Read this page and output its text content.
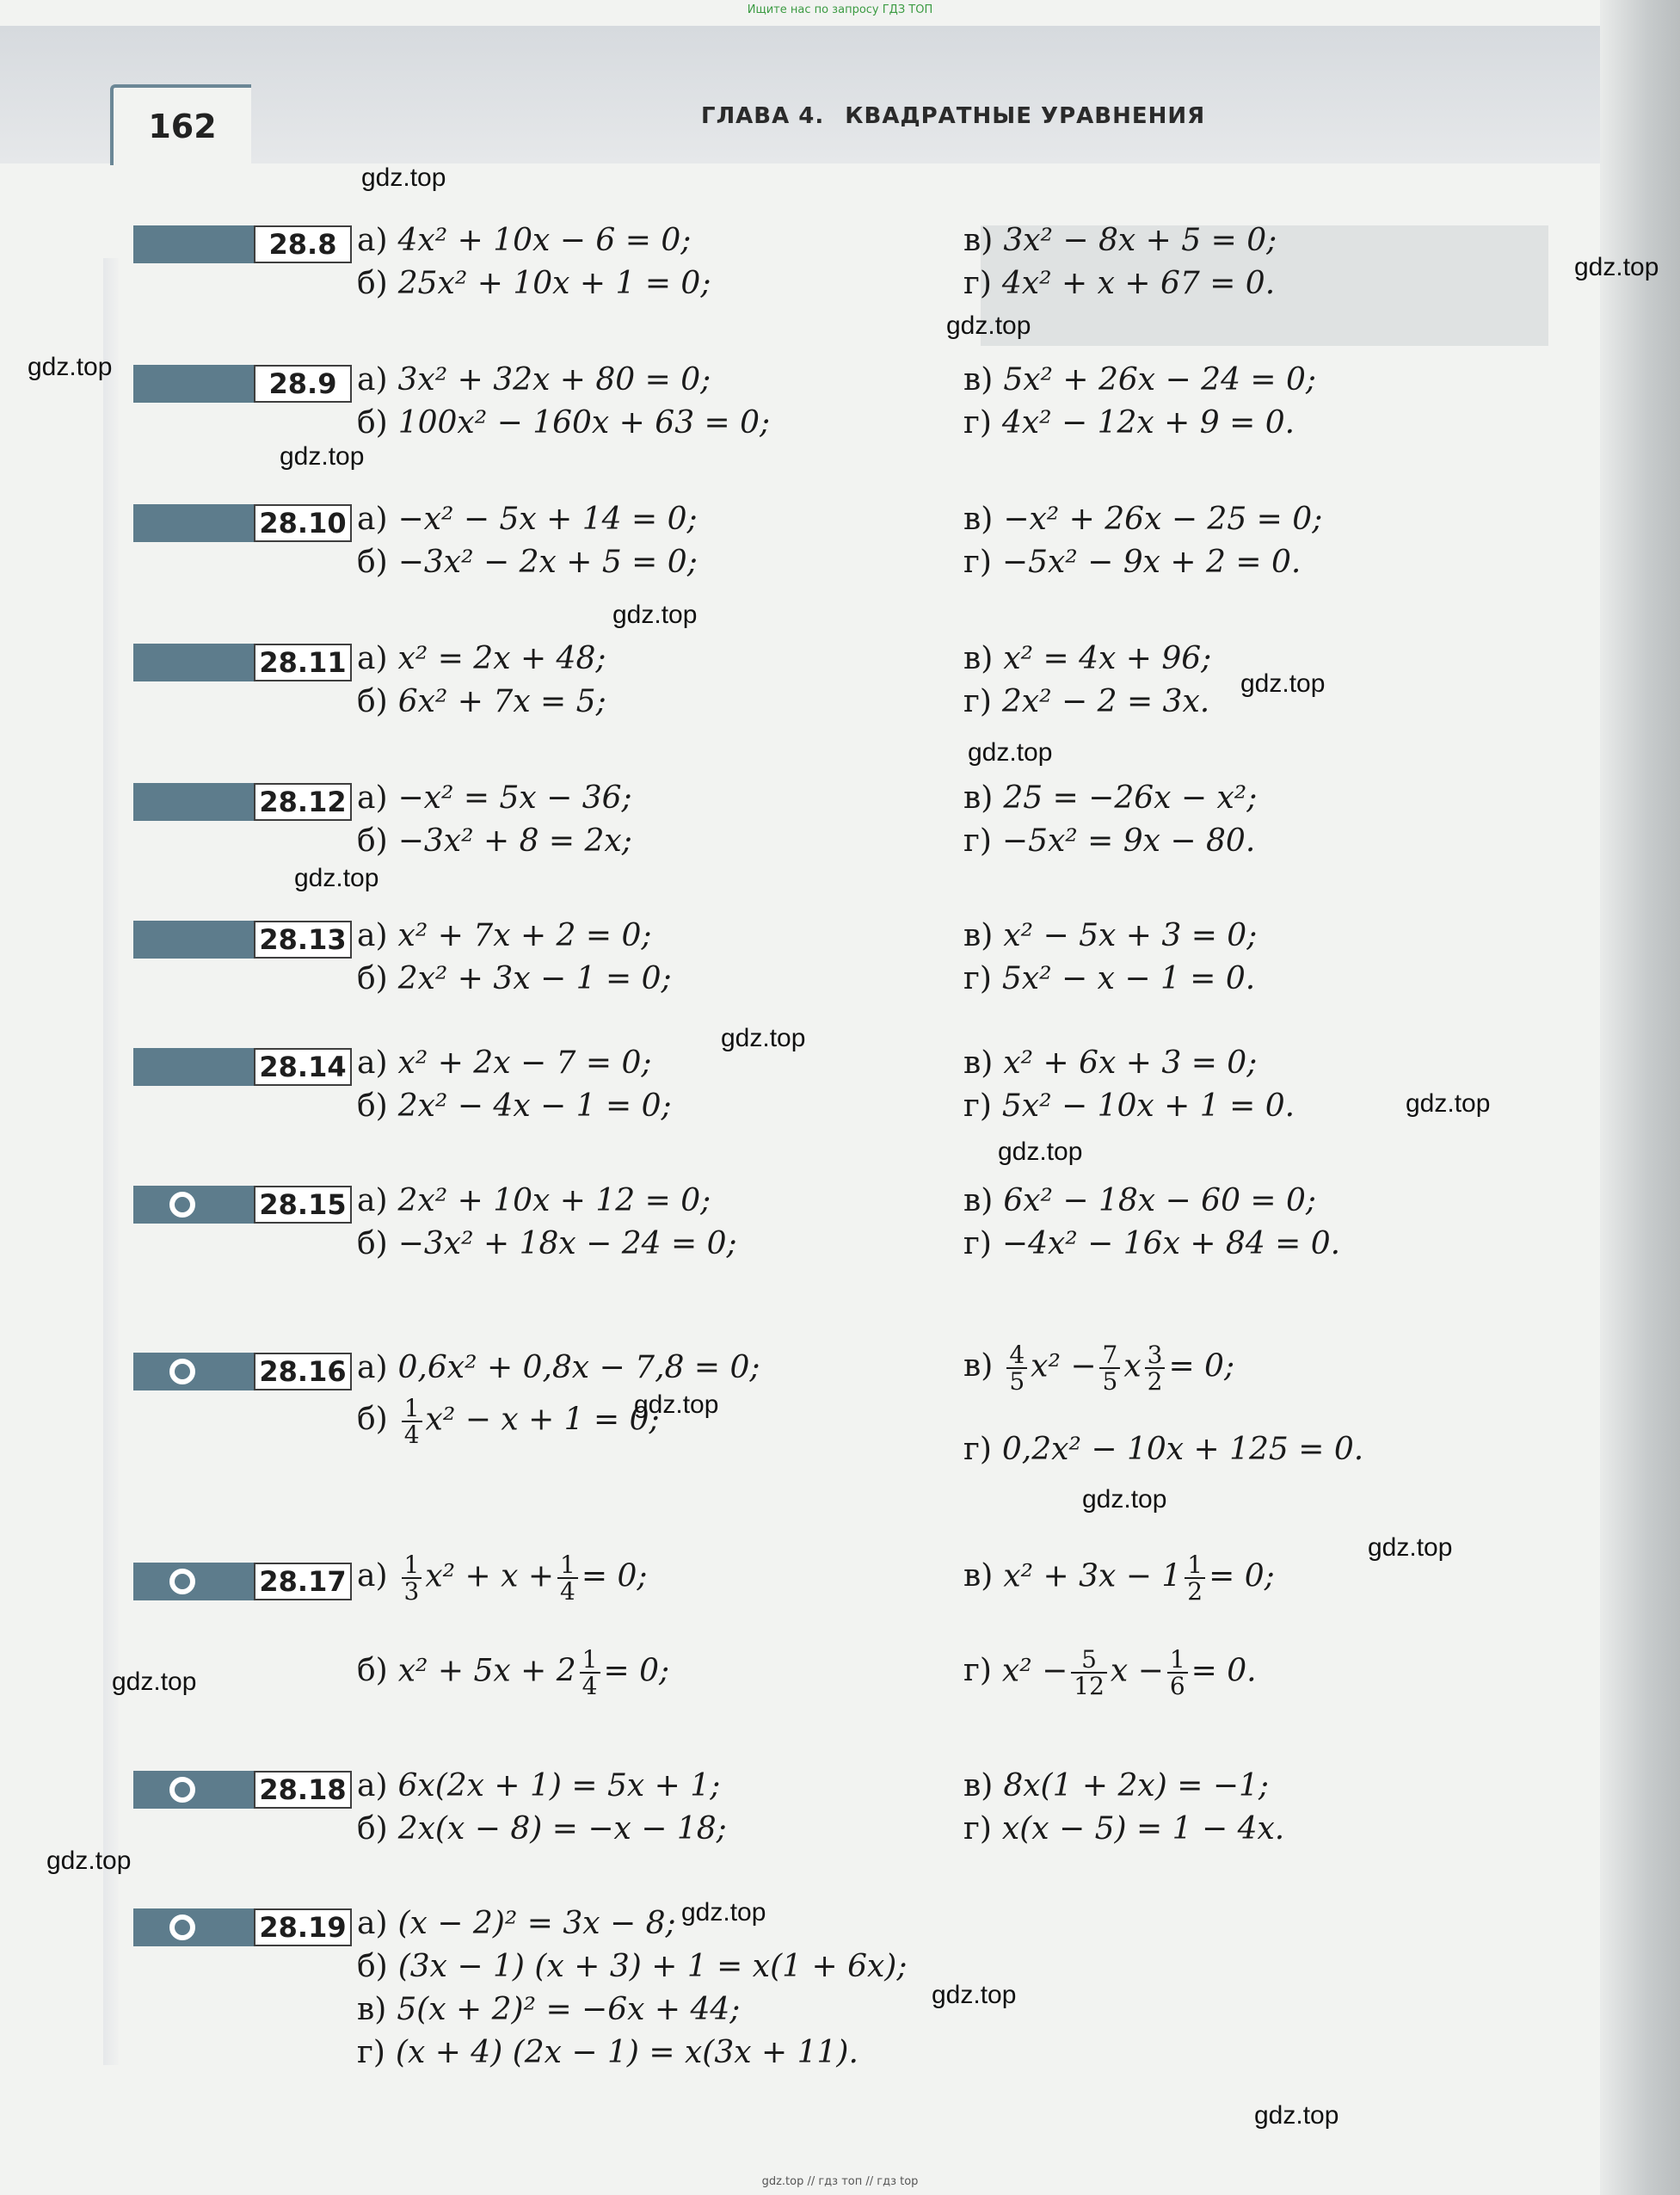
Ищите нас по запросу ГДЗ ТОП
162	ГЛАВА 4. КВАДРАТНЫЕ УРАВНЕНИЯ
28.8 а) 4x² + 10x − 6 = 0;
б) 25x² + 10x + 1 = 0;
в) 3x² − 8x + 5 = 0;
г) 4x² + x + 67 = 0.
28.9 а) 3x² + 32x + 80 = 0;
б) 100x² − 160x + 63 = 0;
в) 5x² + 26x − 24 = 0;
г) 4x² − 12x + 9 = 0.
28.10 а) −x² − 5x + 14 = 0;
б) −3x² − 2x + 5 = 0;
в) −x² + 26x − 25 = 0;
г) −5x² − 9x + 2 = 0.
28.11 а) x² = 2x + 48;
б) 6x² + 7x = 5;
в) x² = 4x + 96;
г) 2x² − 2 = 3x.
28.12 а) −x² = 5x − 36;
б) −3x² + 8 = 2x;
в) 25 = −26x − x²;
г) −5x² = 9x − 80.
28.13 а) x² + 7x + 2 = 0;
б) 2x² + 3x − 1 = 0;
в) x² − 5x + 3 = 0;
г) 5x² − x − 1 = 0.
28.14 а) x² + 2x − 7 = 0;
б) 2x² − 4x − 1 = 0;
в) x² + 6x + 3 = 0;
г) 5x² − 10x + 1 = 0.
28.15 а) 2x² + 10x + 12 = 0;
б) −3x² + 18x − 24 = 0;
в) 6x² − 18x − 60 = 0;
г) −4x² − 16x + 84 = 0.
28.16 а) 0,6x² + 0,8x − 7,8 = 0;
$б) \frac{1}{4} x^2 - x + 1 = 0$;
$в) \frac{4}{5} x^2 - \frac{7}{5}$ x $\frac{3}{2} = 0$;
г) 0,2x² − 10x + 125 = 0.
28.17 $а) \frac{1}{3} x^2 + x + \frac{1}{4} = 0$;
б) $x^2 + 5x + 2 \frac{1}{4} = 0$;
в) $x^2 + 3x - 1 \frac{1}{2} = 0$;
г) $x^2 - \frac{5}{12}$ $x - \frac{1}{6} = 0$.
28.18 а) 6x(2x + 1) = 5x + 1;
б) 2x(x − 8) = −x − 18;
в) 8x(1 + 2x) = −1;
г) x(x − 5) = 1 − 4x.
28.19 а) (x − 2)² = 3x − 8;
б) (3x − 1) (x + 3) + 1 = x(1 + 6x);
в) 5(x + 2)² = −6x + 44;
г) (x + 4) (2x − 1) = x(3x + 11).
gdz.top
gdz.top
gdz.top
gdz.top
gdz.top
gdz.top
gdz.top
gdz.top
gdz.top
gdz.top
gdz.top
gdz.top
gdz.top
gdz.top
gdz.top
gdz.top
gdz.top
gdz.top
gdz.top
gdz.top
gdz.top // гдз топ // гдз top
